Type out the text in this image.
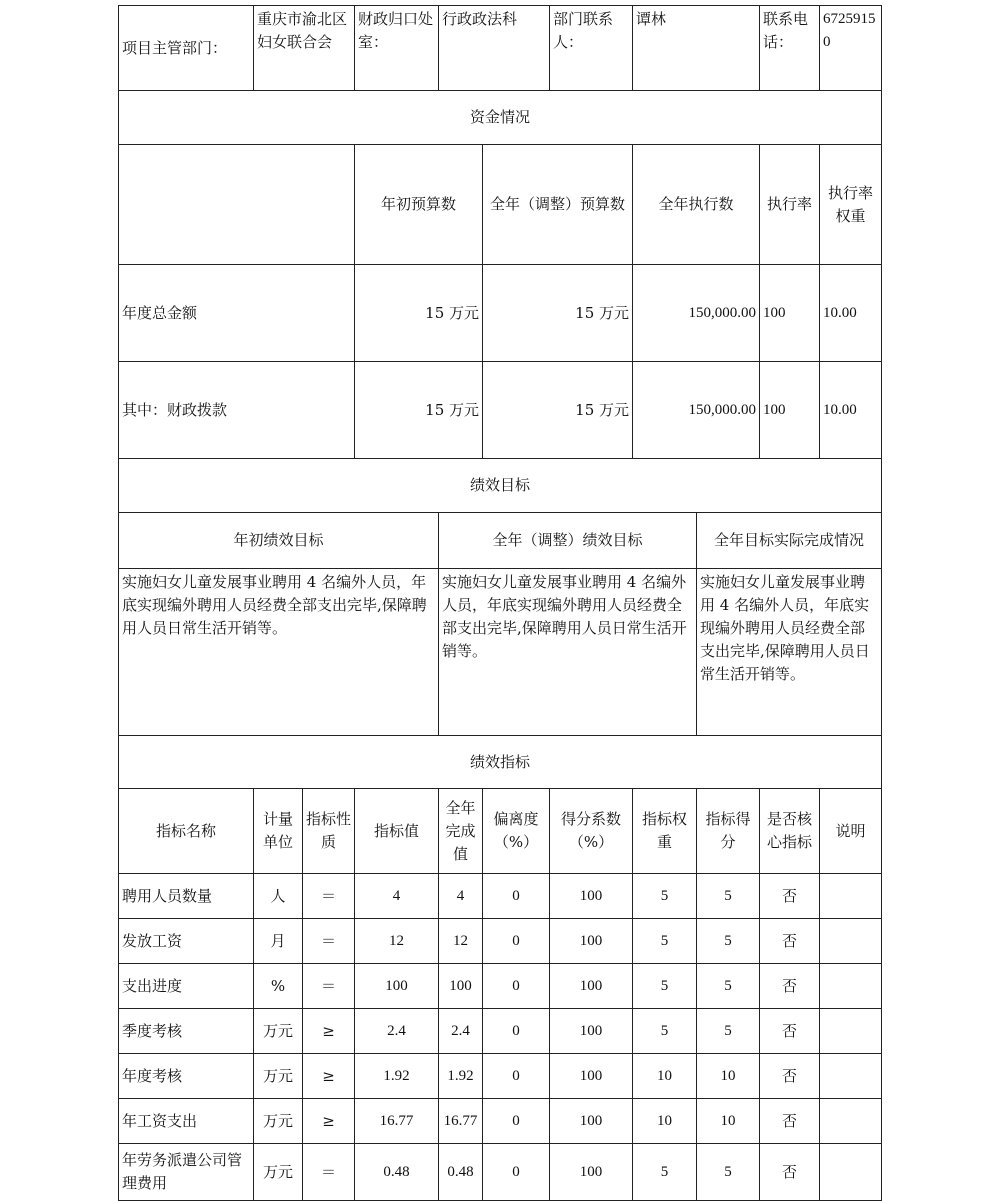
项目主管部门：	重庆市渝北区妇女联合会		财政归口处室：	行政政法科		部门联系人：	谭林		联系电话：	67259150	
资金情况											
			年初预算数		全年（调整）预算数		全年执行数		执行率	执行率权重	
年度总金额			15 万元		15 万元		150,000.00		100	10.00	
其中：财政拨款			15 万元		15 万元		150,000.00		100	10.00	
绩效目标											
年初绩效目标				全年（调整）绩效目标				全年目标实际完成情况			
实施妇女儿童发展事业聘用 4 名编外人员，年底实现编外聘用人员经费全部支出完毕,保障聘用人员日常生活开销等。				实施妇女儿童发展事业聘用 4 名编外人员，年底实现编外聘用人员经费全部支出完毕,保障聘用人员日常生活开销等。				实施妇女儿童发展事业聘用 4 名编外人员，年底实现编外聘用人员经费全部支出完毕,保障聘用人员日常生活开销等。			
绩效指标											
指标名称	计量单位	指标性质	指标值	全年完成值	偏离度（%）	得分系数（%）	指标权重	指标得分	是否核心指标	说明	
聘用人员数量	人	＝	4	4	0	100	5	5	否		
发放工资	月	＝	12	12	0	100	5	5	否		
支出进度	%	＝	100	100	0	100	5	5	否		
季度考核	万元	≥	2.4	2.4	0	100	5	5	否		
年度考核	万元	≥	1.92	1.92	0	100	10	10	否		
年工资支出	万元	≥	16.77	16.77	0	100	10	10	否		
年劳务派遣公司管理费用	万元	＝	0.48	0.48	0	100	5	5	否		
